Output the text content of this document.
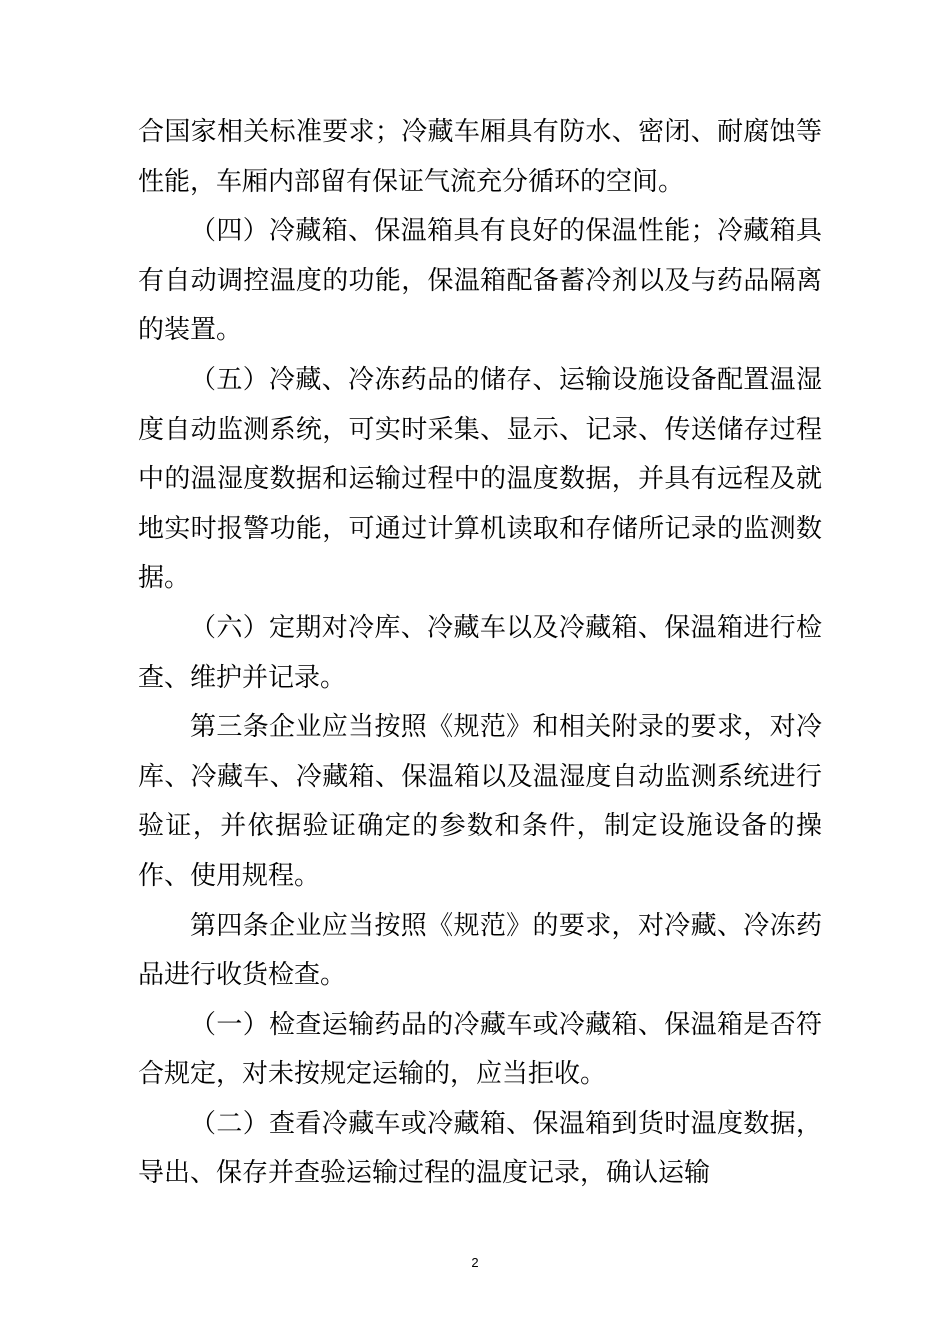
合国家相关标准要求；冷藏车厢具有防水、密闭、耐腐蚀等性能，车厢内部留有保证气流充分循环的空间。

（四）冷藏箱、保温箱具有良好的保温性能；冷藏箱具有自动调控温度的功能，保温箱配备蓄冷剂以及与药品隔离的装置。

（五）冷藏、冷冻药品的储存、运输设施设备配置温湿度自动监测系统，可实时采集、显示、记录、传送储存过程中的温湿度数据和运输过程中的温度数据，并具有远程及就地实时报警功能，可通过计算机读取和存储所记录的监测数据。

（六）定期对冷库、冷藏车以及冷藏箱、保温箱进行检查、维护并记录。

第三条企业应当按照《规范》和相关附录的要求，对冷库、冷藏车、冷藏箱、保温箱以及温湿度自动监测系统进行验证，并依据验证确定的参数和条件，制定设施设备的操作、使用规程。

第四条企业应当按照《规范》的要求，对冷藏、冷冻药品进行收货检查。

（一）检查运输药品的冷藏车或冷藏箱、保温箱是否符合规定，对未按规定运输的，应当拒收。

（二）查看冷藏车或冷藏箱、保温箱到货时温度数据，导出、保存并查验运输过程的温度记录，确认运输

2
